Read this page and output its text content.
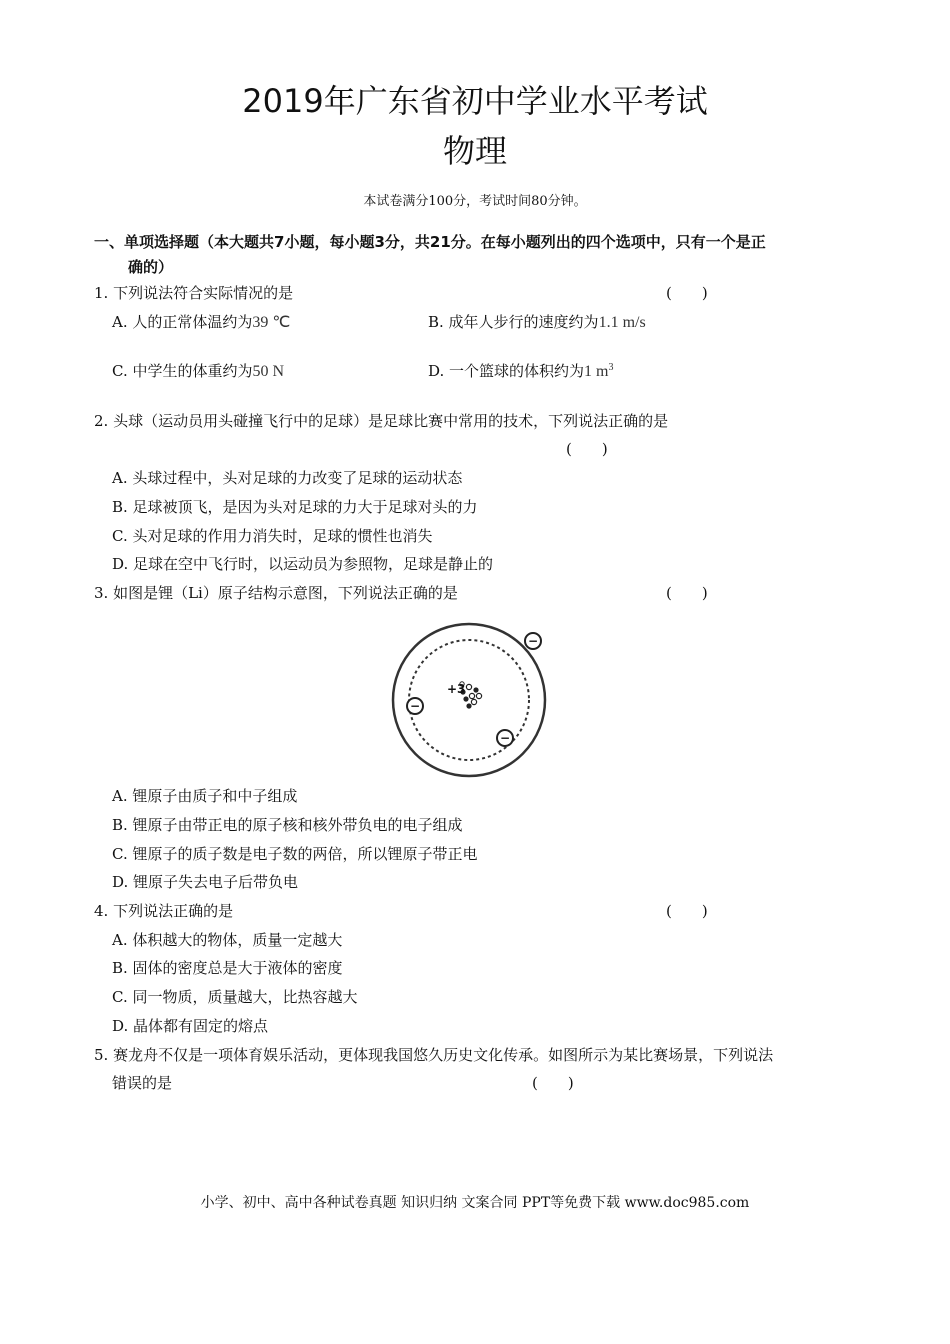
2019年广东省初中学业水平考试
物理
本试卷满分100分，考试时间80分钟。
一、单项选择题（本大题共7小题，每小题3分，共21分。在每小题列出的四个选项中，只有一个是正
确的）
1. 下列说法符合实际情况的是	(　　)
A. 人的正常体温约为39 ℃	B. 成年人步行的速度约为1.1 m/s
C. 中学生的体重约为50 N	D. 一个篮球的体积约为1 $m^3$
2. 头球（运动员用头碰撞飞行中的足球）是足球比赛中常用的技术，下列说法正确的是
(　　)
A. 头球过程中，头对足球的力改变了足球的运动状态
B. 足球被顶飞，是因为头对足球的力大于足球对头的力
C. 头对足球的作用力消失时，足球的惯性也消失
D. 足球在空中飞行时，以运动员为参照物，足球是静止的
3. 如图是锂（Li）原子结构示意图，下列说法正确的是	(　　)
+3
−
−
−
A. 锂原子由质子和中子组成
B. 锂原子由带正电的原子核和核外带负电的电子组成
C. 锂原子的质子数是电子数的两倍，所以锂原子带正电
D. 锂原子失去电子后带负电
4. 下列说法正确的是	(　　)
A. 体积越大的物体，质量一定越大
B. 固体的密度总是大于液体的密度
C. 同一物质，质量越大，比热容越大
D. 晶体都有固定的熔点
5. 赛龙舟不仅是一项体育娱乐活动，更体现我国悠久历史文化传承。如图所示为某比赛场景，下列说法
错误的是	(　　)
小学、初中、高中各种试卷真题 知识归纳 文案合同 PPT等免费下载 www.doc985.com
